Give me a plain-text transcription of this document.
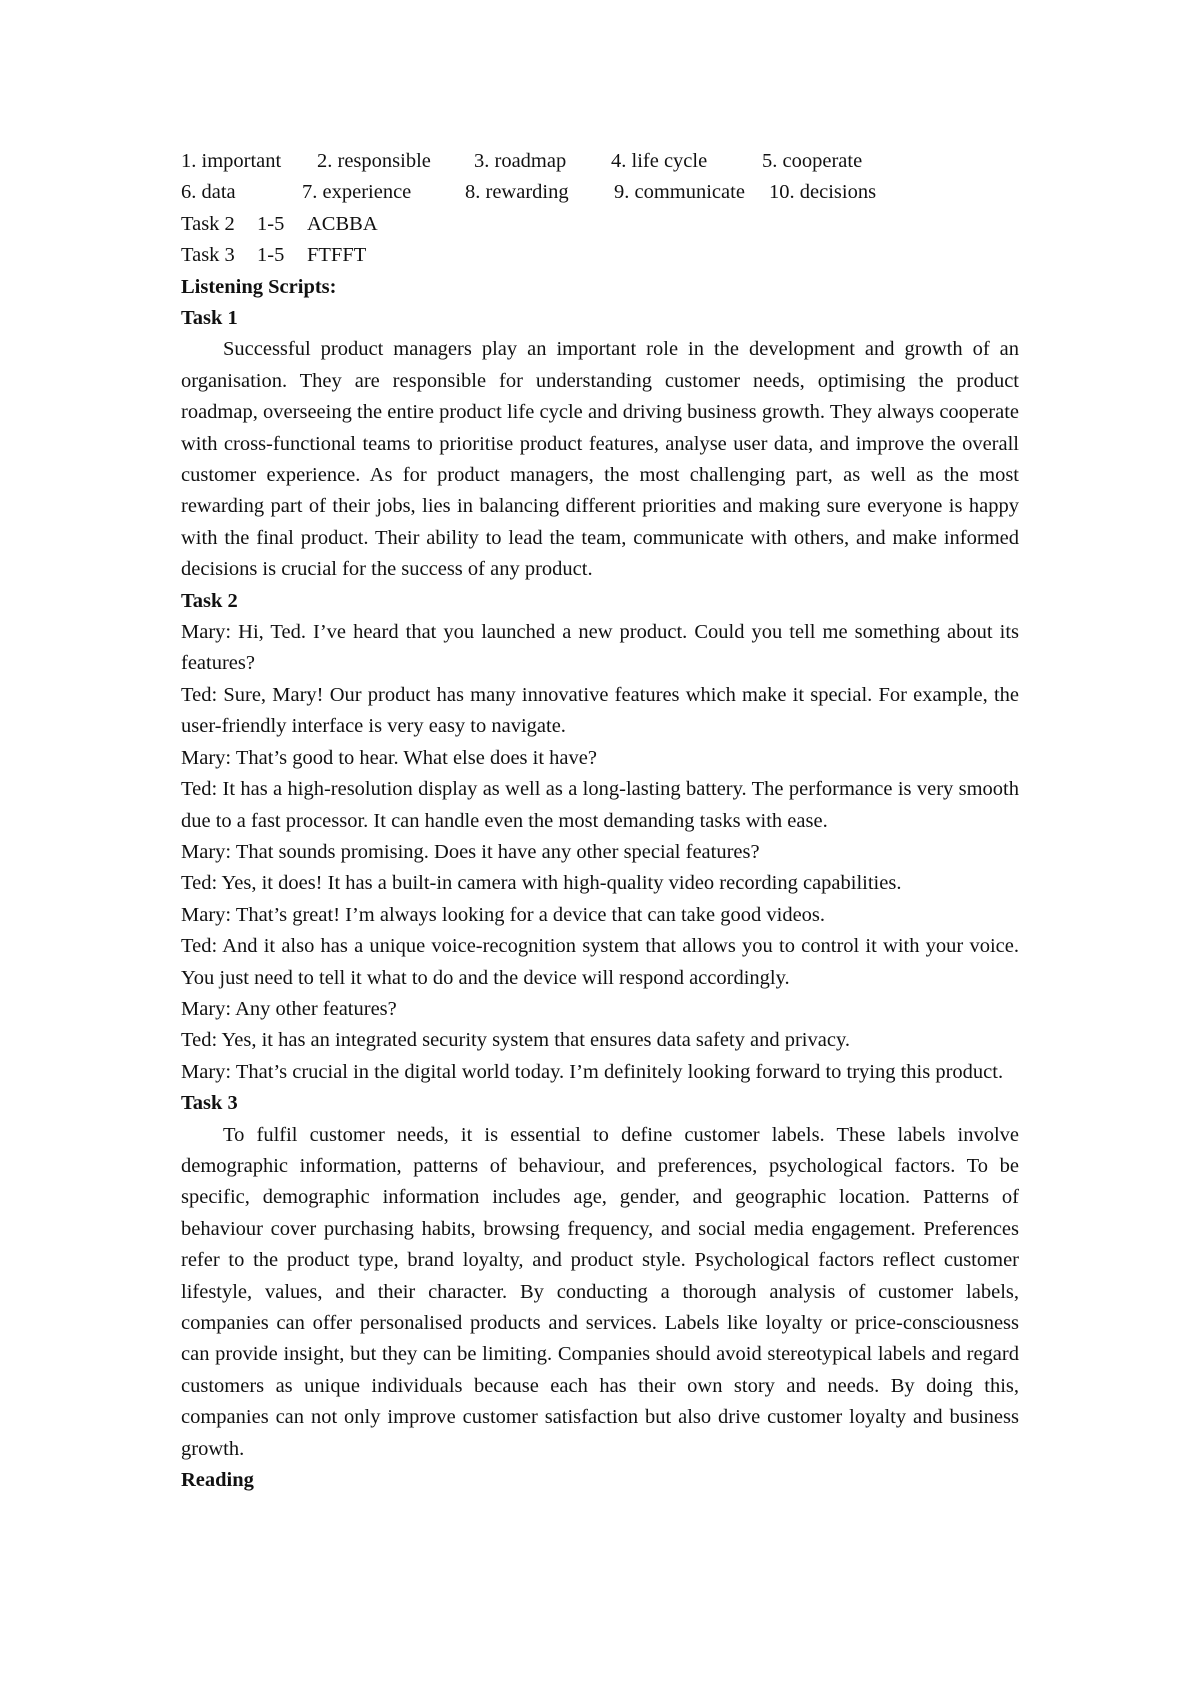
1. important 2. responsible 3. roadmap 4. life cycle	5. cooperate
6. data	7. experience	8. rewarding 9. communicate 10. decisions
Task 2 1-5 ACBBA
Task 3 1-5 FTFFT
Listening Scripts:
Task 1

Successful product managers play an important role in the development and growth of an organisation. They are responsible for understanding customer needs, optimising the product roadmap, overseeing the entire product life cycle and driving business growth. They always cooperate with cross-functional teams to prioritise product features, analyse user data, and improve the overall customer experience. As for product managers, the most challenging part, as well as the most rewarding part of their jobs, lies in balancing different priorities and making sure everyone is happy with the final product. Their ability to lead the team, communicate with others, and make informed decisions is crucial for the success of any product.

Task 2

Mary: Hi, Ted. I’ve heard that you launched a new product. Could you tell me something about its features?

Ted: Sure, Mary! Our product has many innovative features which make it special. For example, the user-friendly interface is very easy to navigate.

Mary: That’s good to hear. What else does it have?

Ted: It has a high-resolution display as well as a long-lasting battery. The performance is very smooth due to a fast processor. It can handle even the most demanding tasks with ease.

Mary: That sounds promising. Does it have any other special features?

Ted: Yes, it does! It has a built-in camera with high-quality video recording capabilities.

Mary: That’s great! I’m always looking for a device that can take good videos.

Ted: And it also has a unique voice-recognition system that allows you to control it with your voice. You just need to tell it what to do and the device will respond accordingly.

Mary: Any other features?

Ted: Yes, it has an integrated security system that ensures data safety and privacy.

Mary: That’s crucial in the digital world today. I’m definitely looking forward to trying this product.

Task 3

To fulfil customer needs, it is essential to define customer labels. These labels involve demographic information, patterns of behaviour, and preferences, psychological factors. To be specific, demographic information includes age, gender, and geographic location. Patterns of behaviour cover purchasing habits, browsing frequency, and social media engagement. Preferences refer to the product type, brand loyalty, and product style. Psychological factors reflect customer lifestyle, values, and their character. By conducting a thorough analysis of customer labels, companies can offer personalised products and services. Labels like loyalty or price-consciousness can provide insight, but they can be limiting. Companies should avoid stereotypical labels and regard customers as unique individuals because each has their own story and needs. By doing this, companies can not only improve customer satisfaction but also drive customer loyalty and business growth.

Reading
